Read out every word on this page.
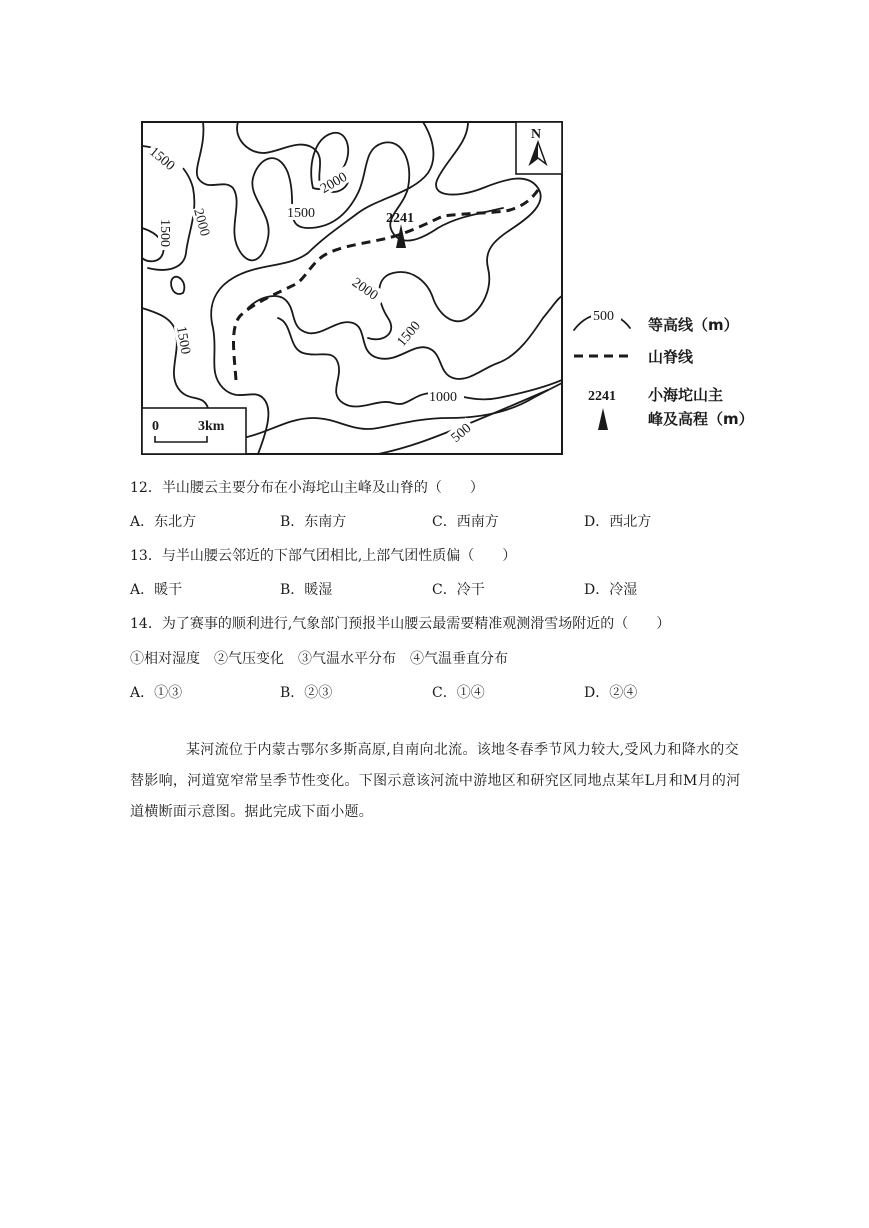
2241
1500
2000
1500
1500 2000
2000
1500
1500
1000
500
N
0	3km
500 等高线（m）
山脊线
2241 小海坨山主
峰及高程（m）
12．半山腰云主要分布在小海坨山主峰及山脊的（　　）
A．东北方	B．东南方	C．西南方	D．西北方
13．与半山腰云邻近的下部气团相比,上部气团性质偏（　　）
A．暖干	B．暖湿	C．冷干	D．冷湿
14．为了赛事的顺利进行,气象部门预报半山腰云最需要精准观测滑雪场附近的（　　）
①相对湿度　②气压变化　③气温水平分布　④气温垂直分布
A．①③	B．②③	C．①④	D．②④
某河流位于内蒙古鄂尔多斯高原,自南向北流。该地冬春季节风力较大,受风力和降水的交替影响，河道宽窄常呈季节性变化。下图示意该河流中游地区和研究区同地点某年L月和M月的河道横断面示意图。据此完成下面小题。
